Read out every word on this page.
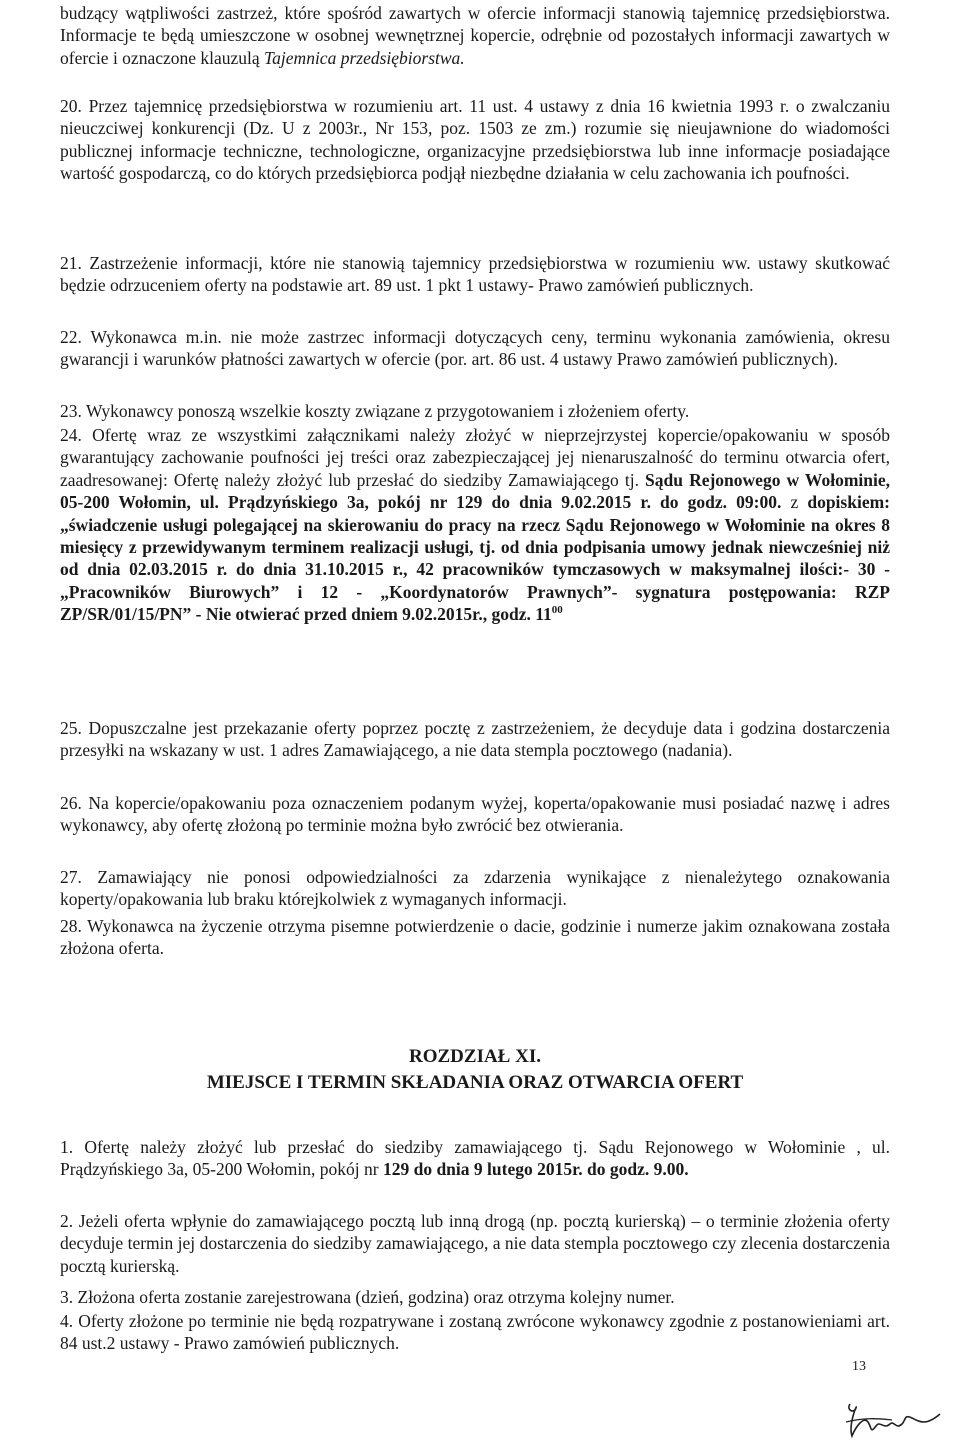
budzący wątpliwości zastrzeż, które spośród zawartych w ofercie informacji stanowią tajemnicę przedsiębiorstwa. Informacje te będą umieszczone w osobnej wewnętrznej kopercie, odrębnie od pozostałych informacji zawartych w ofercie i oznaczone klauzulą Tajemnica przedsiębiorstwa.
20. Przez tajemnicę przedsiębiorstwa w rozumieniu art. 11 ust. 4 ustawy z dnia 16 kwietnia 1993 r. o zwalczaniu nieuczciwej konkurencji (Dz. U z 2003r., Nr 153, poz. 1503 ze zm.) rozumie się nieujawnione do wiadomości publicznej informacje techniczne, technologiczne, organizacyjne przedsiębiorstwa lub inne informacje posiadające wartość gospodarczą, co do których przedsiębiorca podjął niezbędne działania w celu zachowania ich poufności.
21. Zastrzeżenie informacji, które nie stanowią tajemnicy przedsiębiorstwa w rozumieniu ww. ustawy skutkować będzie odrzuceniem oferty na podstawie art. 89 ust. 1 pkt 1 ustawy- Prawo zamówień publicznych.
22. Wykonawca m.in. nie może zastrzec informacji dotyczących ceny, terminu wykonania zamówienia, okresu gwarancji i warunków płatności zawartych w ofercie (por. art. 86 ust. 4 ustawy Prawo zamówień publicznych).
23. Wykonawcy ponoszą wszelkie koszty związane z przygotowaniem i złożeniem oferty.
24. Ofertę wraz ze wszystkimi załącznikami należy złożyć w nieprzejrzystej kopercie/opakowaniu w sposób gwarantujący zachowanie poufności jej treści oraz zabezpieczającej jej nienaruszalność do terminu otwarcia ofert, zaadresowanej: Ofertę należy złożyć lub przesłać do siedziby Zamawiającego tj. Sądu Rejonowego w Wołominie, 05-200 Wołomin, ul. Prądzyńskiego 3a, pokój nr 129 do dnia 9.02.2015 r. do godz. 09:00. z dopiskiem: „świadczenie usługi polegającej na skierowaniu do pracy na rzecz Sądu Rejonowego w Wołominie na okres 8 miesięcy z przewidywanym terminem realizacji usługi, tj. od dnia podpisania umowy jednak niewcześniej niż od dnia 02.03.2015 r. do dnia 31.10.2015 r., 42 pracowników tymczasowych w maksymalnej ilości:- 30 - „Pracowników Biurowych” i 12 - „Koordynatorów Prawnych”- sygnatura postępowania: RZP ZP/SR/01/15/PN” - Nie otwierać przed dniem 9.02.2015r., godz. $11^{00}$
25. Dopuszczalne jest przekazanie oferty poprzez pocztę z zastrzeżeniem, że decyduje data i godzina dostarczenia przesyłki na wskazany w ust. 1 adres Zamawiającego, a nie data stempla pocztowego (nadania).
26. Na kopercie/opakowaniu poza oznaczeniem podanym wyżej, koperta/opakowanie musi posiadać nazwę i adres wykonawcy, aby ofertę złożoną po terminie można było zwrócić bez otwierania.
27. Zamawiający nie ponosi odpowiedzialności za zdarzenia wynikające z nienależytego oznakowania koperty/opakowania lub braku którejkolwiek z wymaganych informacji.
28. Wykonawca na życzenie otrzyma pisemne potwierdzenie o dacie, godzinie i numerze jakim oznakowana została złożona oferta.
ROZDZIAŁ XI.
MIEJSCE I TERMIN SKŁADANIA ORAZ OTWARCIA OFERT
1. Ofertę należy złożyć lub przesłać do siedziby zamawiającego tj. Sądu Rejonowego w Wołominie , ul. Prądzyńskiego 3a, 05-200 Wołomin, pokój nr 129 do dnia 9 lutego 2015r. do godz. 9.00.
2. Jeżeli oferta wpłynie do zamawiającego pocztą lub inną drogą (np. pocztą kurierską) – o terminie złożenia oferty decyduje termin jej dostarczenia do siedziby zamawiającego, a nie data stempla pocztowego czy zlecenia dostarczenia pocztą kurierską.
3. Złożona oferta zostanie zarejestrowana (dzień, godzina) oraz otrzyma kolejny numer.
4. Oferty złożone po terminie nie będą rozpatrywane i zostaną zwrócone wykonawcy zgodnie z postanowieniami art. 84 ust.2 ustawy - Prawo zamówień publicznych.
13
